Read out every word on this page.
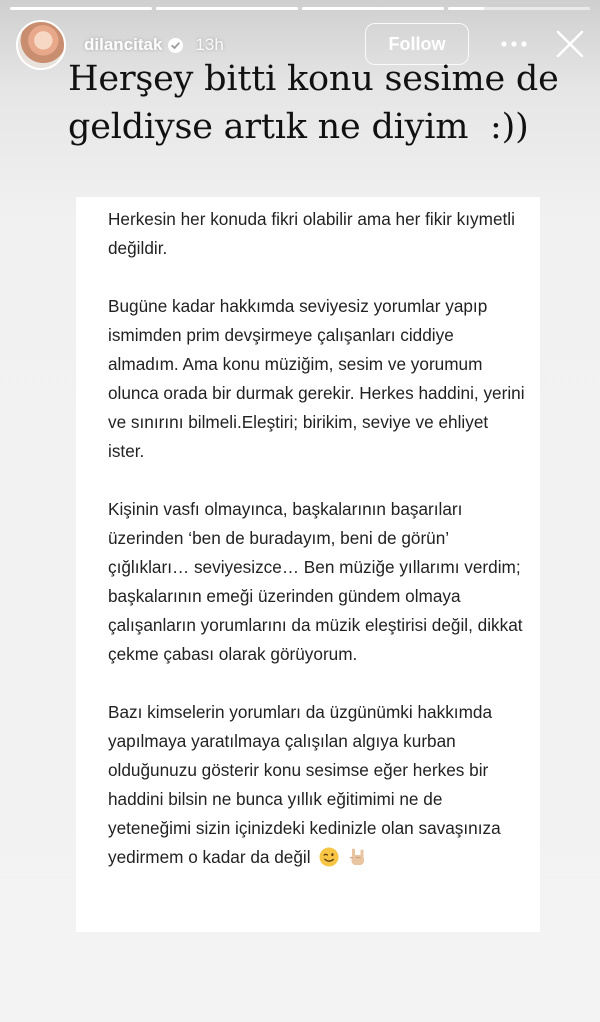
dilancitak 13h	Follow
Herşey bitti konu sesime de
geldiyse artık ne diyim  :))

Herkesin her konuda fikri olabilir ama her fikir kıymetli değildir.

Bugüne kadar hakkımda seviyesiz yorumlar yapıp ismimden prim devşirmeye çalışanları ciddiye almadım. Ama konu müziğim, sesim ve yorumum olunca orada bir durmak gerekir. Herkes haddini, yerini ve sınırını bilmeli.Eleştiri; birikim, seviye ve ehliyet ister.

Kişinin vasfı olmayınca, başkalarının başarıları üzerinden ‘ben de buradayım, beni de görün’ çığlıkları… seviyesizce… Ben müziğe yıllarımı verdim; başkalarının emeği üzerinden gündem olmaya çalışanların yorumlarını da müzik eleştirisi değil, dikkat çekme çabası olarak görüyorum.

Bazı kimselerin yorumları da üzgünümki hakkımda yapılmaya yaratılmaya çalışılan algıya kurban olduğunuzu gösterir konu sesimse eğer herkes bir haddini bilsin ne bunca yıllık eğitimimi ne de yeteneğimi sizin içinizdeki kedinizle olan savaşınıza yedirmem o kadar da değil
